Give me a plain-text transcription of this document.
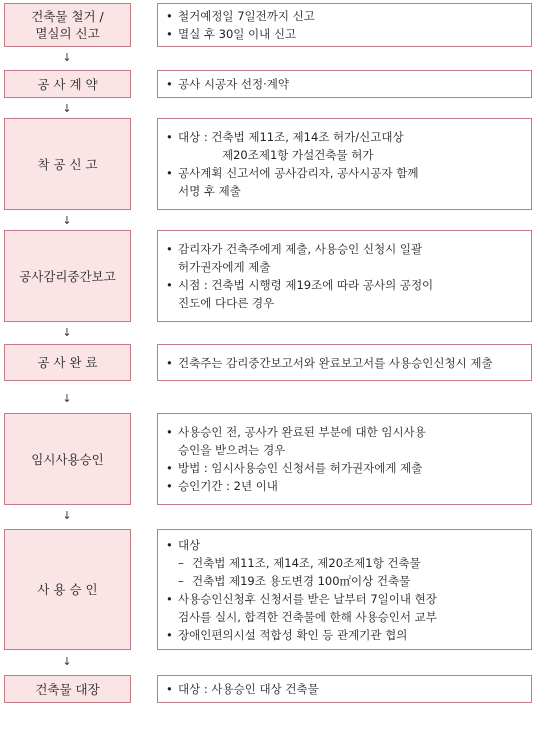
건축물 철거 /
멸실의 신고
• 철거예정일 7일전까지 신고
• 멸실 후 30일 이내 신고
↓
공 사 계 약	• 공사 시공자 선정·계약
↓
착 공 신 고
• 대상 : 건축법 제11조, 제14조 허가/신고대상
제20조제1항 가설건축물 허가
• 공사계획 신고서에 공사감리자, 공사시공자 함께
서명 후 제출
↓
공사감리중간보고
• 감리자가 건축주에게 제출, 사용승인 신청시 일괄
허가권자에게 제출
• 시점 : 건축법 시행령 제19조에 따라 공사의 공정이
진도에 다다른 경우
↓
공 사 완 료	• 건축주는 감리중간보고서와 완료보고서를 사용승인신청시 제출
↓
임시사용승인
• 사용승인 전, 공사가 완료된 부분에 대한 임시사용
승인을 받으려는 경우
• 방법 : 임시사용승인 신청서를 허가권자에게 제출
• 승인기간 : 2년 이내
↓
사 용 승 인
• 대상
– 건축법 제11조, 제14조, 제20조제1항 건축물
– 건축법 제19조 용도변경 100㎡이상 건축물
• 사용승인신청후 신청서를 받은 날부터 7일이내 현장
검사를 실시, 합격한 건축물에 한해 사용승인서 교부
• 장애인편의시설 적합성 확인 등 관계기관 협의
↓
건축물 대장	• 대상 : 사용승인 대상 건축물
